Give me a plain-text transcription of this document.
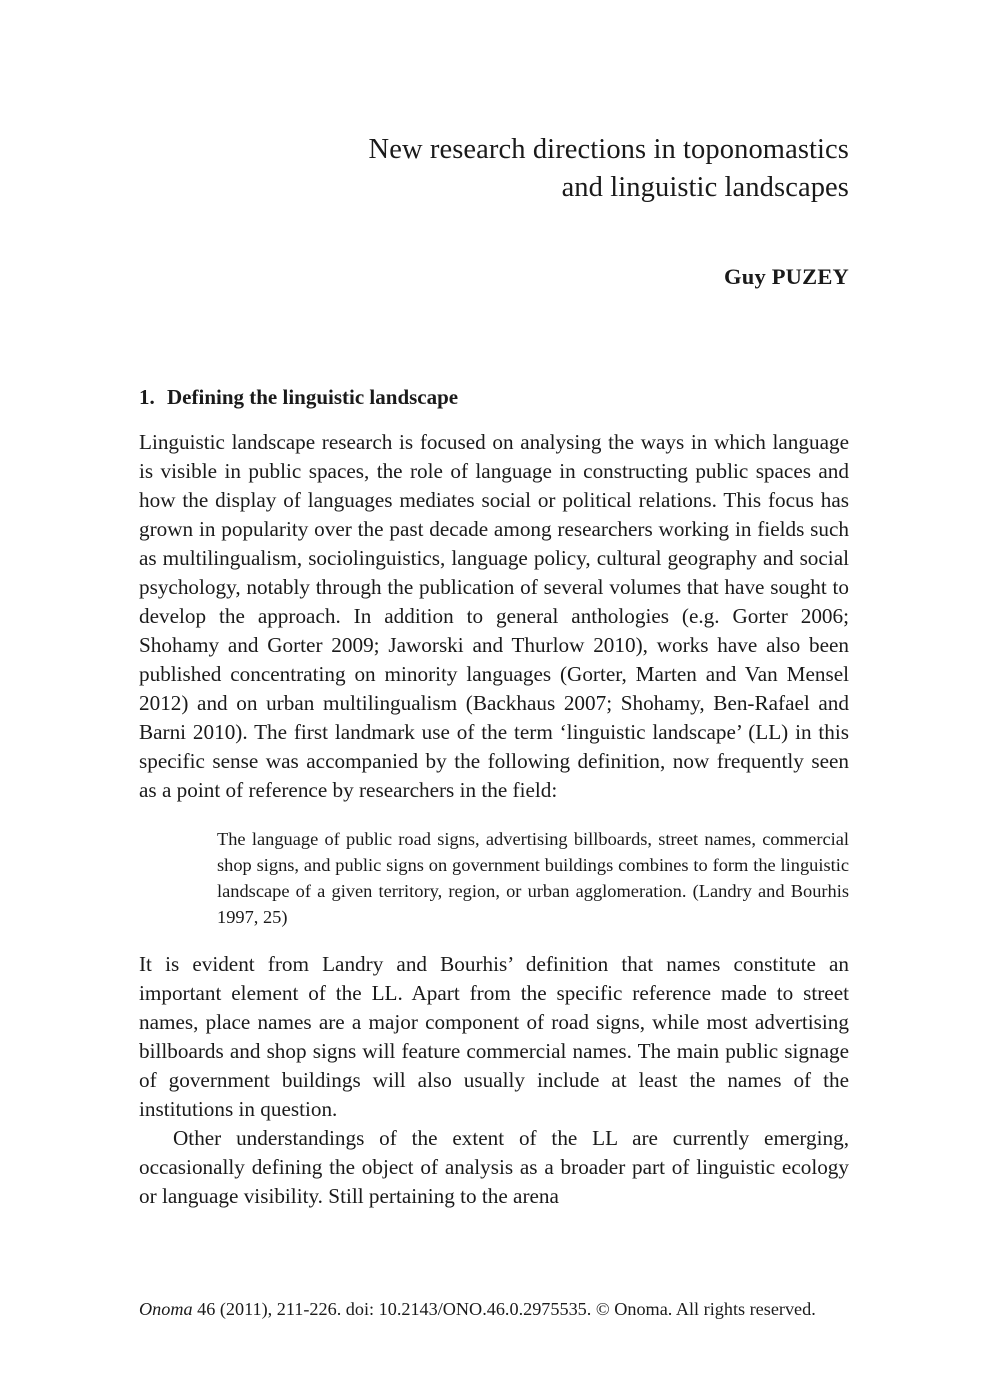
New research directions in toponomastics
and linguistic landscapes
Guy PUZEY
1. Defining the linguistic landscape

Linguistic landscape research is focused on analysing the ways in which language is visible in public spaces, the role of language in constructing public spaces and how the display of languages mediates social or political relations. This focus has grown in popularity over the past decade among researchers working in fields such as multilingualism, sociolinguistics, language policy, cultural geography and social psychology, notably through the publication of several volumes that have sought to develop the approach. In addition to general anthologies (e.g. Gorter 2006; Shohamy and Gorter 2009; Jaworski and Thurlow 2010), works have also been published concentrating on minority languages (Gorter, Marten and Van Mensel 2012) and on urban multilingualism (Backhaus 2007; Shohamy, Ben-Rafael and Barni 2010). The first landmark use of the term ‘linguistic landscape’ (LL) in this specific sense was accompanied by the following definition, now frequently seen as a point of reference by researchers in the field:

The language of public road signs, advertising billboards, street names, commercial shop signs, and public signs on government buildings combines to form the linguistic landscape of a given territory, region, or urban agglomeration. (Landry and Bourhis 1997, 25)

It is evident from Landry and Bourhis’ definition that names constitute an important element of the LL. Apart from the specific reference made to street names, place names are a major component of road signs, while most advertising billboards and shop signs will feature commercial names. The main public signage of government buildings will also usually include at least the names of the institutions in question.

Other understandings of the extent of the LL are currently emerging, occasionally defining the object of analysis as a broader part of linguistic ecology or language visibility. Still pertaining to the arena

Onoma 46 (2011), 211-226. doi: 10.2143/ONO.46.0.2975535. © Onoma. All rights reserved.
